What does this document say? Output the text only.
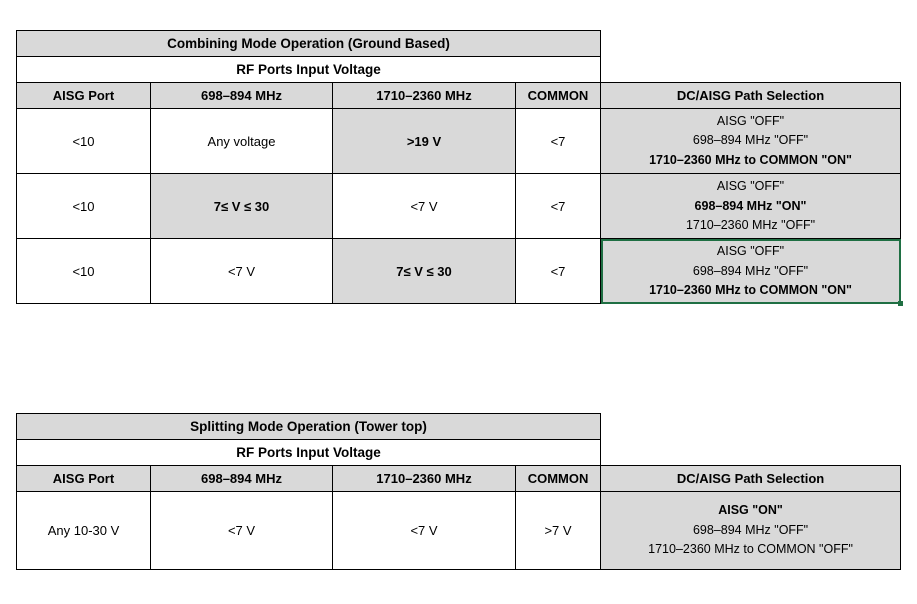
Combining Mode Operation (Ground Based)				
RF Ports Input Voltage				
AISG Port	698–894 MHz	1710–2360 MHz	COMMON	DC/AISG Path Selection
<10	Any voltage	>19 V	<7	AISG "OFF"
698–894 MHz "OFF"
1710–2360 MHz to COMMON "ON"

<10	7≤ V ≤ 30	<7 V	<7	AISG "OFF"
698–894 MHz "ON"
1710–2360 MHz "OFF"

<10	<7 V	7≤ V ≤ 30	<7	AISG "OFF"
698–894 MHz "OFF"
1710–2360 MHz to COMMON "ON"
Splitting Mode Operation (Tower top)				
RF Ports Input Voltage				
AISG Port	698–894 MHz	1710–2360 MHz	COMMON	DC/AISG Path Selection
Any 10-30 V	<7 V	<7 V	>7 V	AISG "ON"
698–894 MHz "OFF"
1710–2360 MHz to COMMON "OFF"
